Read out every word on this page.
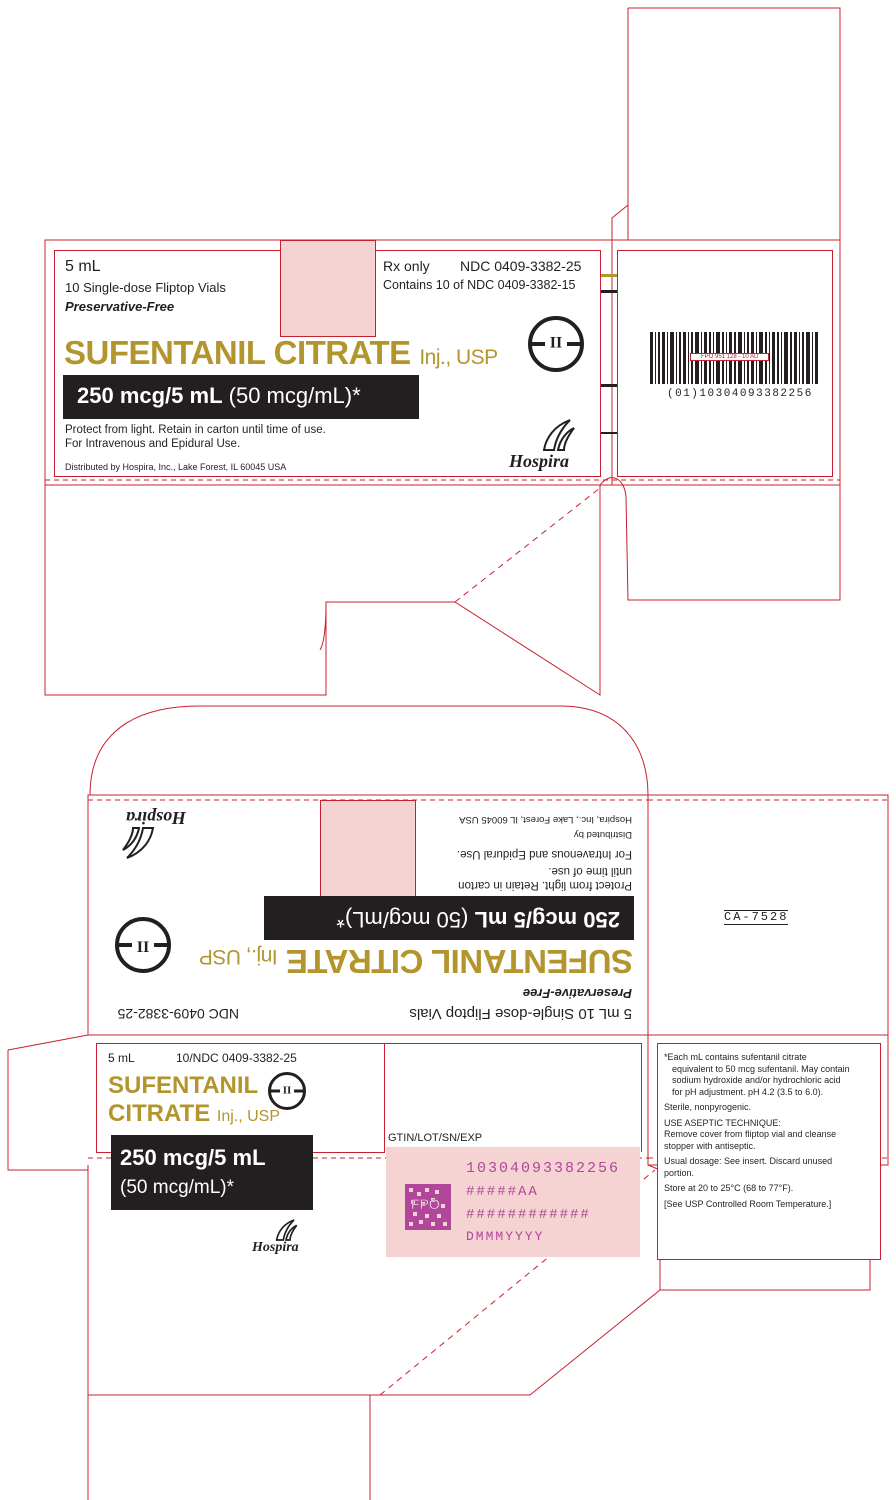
5 mL
10 Single-dose Fliptop Vials
Preservative-Free
Rx only NDC 0409-3382-25
Contains 10 of NDC 0409-3382-15
SUFENTANIL CITRATE Inj., USP
250 mcg/5 mL (50 mcg/mL)*
Protect from light. Retain in carton until time of use.
For Intravenous and Epidural Use.
Distributed by Hospira, Inc., Lake Forest, IL 60045 USA
II
Hospira
FPO 951 128 - 10 AU
(01)10304093382256
5 mL 10 Single-dose Fliptop Vials
NDC 0409-3382-25
Preservative-Free
SUFENTANIL CITRATE Inj., USP
250 mcg/5 mL (50 mcg/mL)*
Protect from light. Retain in carton
until time of use.
For Intravenous and Epidural Use.
Distributed by
Hospira, Inc., Lake Forest, IL 60045 USA
II
Hospira
CA-7528
5 mL	10/NDC 0409-3382-25
SUFENTANIL
CITRATE Inj., USP
II
250 mcg/5 mL
(50 mcg/mL)*
Hospira
GTIN/LOT/SN/EXP
FPO
10304093382256
#####AA
############
DMMMYYYY
*Each mL contains sufentanil citrate
equivalent to 50 mcg sufentanil. May contain
sodium hydroxide and/or hydrochloric acid
for pH adjustment. pH 4.2 (3.5 to 6.0).
Sterile, nonpyrogenic.
USE ASEPTIC TECHNIQUE:
Remove cover from fliptop vial and cleanse
stopper with antiseptic.
Usual dosage: See insert. Discard unused
portion.
Store at 20 to 25°C (68 to 77°F).
[See USP Controlled Room Temperature.]
